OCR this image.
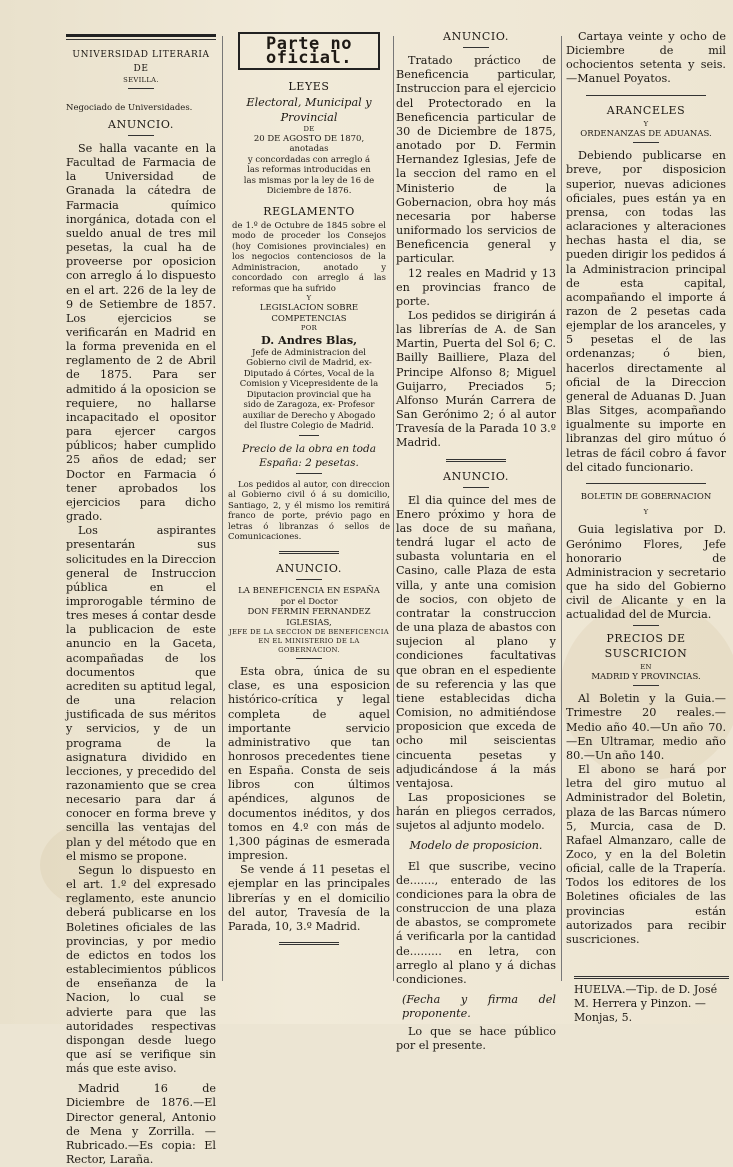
UNIVERSIDAD LITERARIA DE
SEVILLA.
Negociado de Universidades.
ANUNCIO.

Se halla vacante en la Facultad de Farmacia de la Universidad de Granada la cátedra de Farmacia químico inorgánica, dotada con el sueldo anual de tres mil pesetas, la cual ha de proveerse por oposicion con arreglo á lo dispuesto en el art. 226 de la ley de 9 de Setiembre de 1857. Los ejercicios se verificarán en Madrid en la forma prevenida en el reglamento de 2 de Abril de 1875. Para ser admitido á la oposicion se requiere, no hallarse incapacitado el opositor para ejercer cargos públicos; haber cumplido 25 años de edad; ser Doctor en Farmacia ó tener aprobados los ejercicios para dicho grado.

Los aspirantes presentarán sus solicitudes en la Direccion general de Instruccion pública en el improrogable término de tres meses á contar desde la publicacion de este anuncio en la Gaceta, acompañadas de los documentos que acrediten su aptitud legal, de una relacion justificada de sus méritos y servicios, y de un programa de la asignatura dividido en lecciones, y precedido del razonamiento que se crea necesario para dar á conocer en forma breve y sencilla las ventajas del plan y del método que en el mismo se propone.

Segun lo dispuesto en el art. 1.º del expresado reglamento, este anuncio deberá publicarse en los Boletines oficiales de las provincias, y por medio de edictos en todos los establecimientos públicos de enseñanza de la Nacion, lo cual se advierte para que las autoridades respectivas dispongan desde luego que así se verifique sin más que este aviso.

Madrid 16 de Diciembre de 1876.—El Director general, Antonio de Mena y Zorrilla. —Rubricado.—Es copia: El Rector, Laraña.

Parte no oficial.
LEYES
Electoral, Municipal y Provincial
DE
20 DE AGOSTO DE 1870,
anotadas
y concordadas con arreglo á las reformas introducidas en las mismas por la ley de 16 de Diciembre de 1876.
REGLAMENTO
de 1.º de Octubre de 1845 sobre el modo de proceder los Consejos (hoy Comisiones provinciales) en los negocios contenciosos de la Administracion, anotado y concordado con arreglo á las reformas que ha sufrido
Y
LEGISLACION SOBRE COMPETENCIAS
POR
D. Andres Blas,
Jefe de Administracion del Gobierno civil de Madrid, ex-Diputado á Córtes, Vocal de la Comision y Vicepresidente de la Diputacion provincial que ha sido de Zaragoza, ex- Profesor auxiliar de Derecho y Abogado del Ilustre Colegio de Madrid.
Precio de la obra en toda España: 2 pesetas.

Los pedidos al autor, con direccion al Gobierno civil ó á su domicilio, Santiago, 2, y él mismo los remitirá franco de porte, prévio pago en letras ó libranzas ó sellos de Comunicaciones.

ANUNCIO.
LA BENEFICENCIA EN ESPAÑA
por el Doctor
DON FERMIN FERNANDEZ IGLESIAS,
JEFE DE LA SECCION DE BENEFICENCIA EN EL MINISTERIO DE LA GOBERNACION.

Esta obra, única de su clase, es una esposicion histórico-crítica y legal completa de aquel importante servicio administrativo que tan honrosos precedentes tiene en España. Consta de seis libros con últimos apéndices, algunos de documentos inéditos, y dos tomos en 4.º con más de 1,300 páginas de esmerada impresion.

Se vende á 11 pesetas el ejemplar en las principales librerías y en el domicilio del autor, Travesía de la Parada, 10, 3.º Madrid.

ANUNCIO.

Tratado práctico de Beneficencia particular, Instruccion para el ejercicio del Protectorado en la Beneficencia particular de 30 de Diciembre de 1875, anotado por D. Fermin Hernandez Iglesias, Jefe de la seccion del ramo en el Ministerio de la Gobernacion, obra hoy más necesaria por haberse uniformado los servicios de Beneficencia general y particular.

12 reales en Madrid y 13 en provincias franco de porte.

Los pedidos se dirigirán á las librerías de A. de San Martin, Puerta del Sol 6; C. Bailly Bailliere, Plaza del Principe Alfonso 8; Miguel Guijarro, Preciados 5; Alfonso Murán Carrera de San Gerónimo 2; ó al autor Travesía de la Parada 10 3.º Madrid.

ANUNCIO.

El dia quince del mes de Enero próximo y hora de las doce de su mañana, tendrá lugar el acto de subasta voluntaria en el Casino, calle Plaza de esta villa, y ante una comision de socios, con objeto de contratar la construccion de una plaza de abastos con sujecion al plano y condiciones facultativas que obran en el espediente de su referencia y las que tiene establecidas dicha Comision, no admitiéndose proposicion que exceda de ocho mil seiscientas cincuenta pesetas y adjudicándose á la más ventajosa.

Las proposiciones se harán en pliegos cerrados, sujetos al adjunto modelo.

Modelo de proposicion.

El que suscribe, vecino de......., enterado de las condiciones para la obra de construccion de una plaza de abastos, se compromete á verificarla por la cantidad de......... en letra, con arreglo al plano y á dichas condiciones.

(Fecha y firma del proponente.

Lo que se hace público por el presente.

Cartaya veinte y ocho de Diciembre de mil ochocientos setenta y seis.—Manuel Poyatos.

ARANCELES
Y
ORDENANZAS DE ADUANAS.

Debiendo publicarse en breve, por disposicion superior, nuevas adiciones oficiales, pues están ya en prensa, con todas las aclaraciones y alteraciones hechas hasta el dia, se pueden dirigir los pedidos á la Administracion principal de esta capital, acompañando el importe á razon de 2 pesetas cada ejemplar de los aranceles, y 5 pesetas el de las ordenanzas; ó bien, hacerlos directamente al oficial de la Direccion general de Aduanas D. Juan Blas Sitges, acompañando igualmente su importe en libranzas del giro mútuo ó letras de fácil cobro á favor del citado funcionario.

BOLETIN DE GOBERNACION
Y

Guia legislativa por D. Gerónimo Flores, Jefe honorario de Administracion y secretario que ha sido del Gobierno civil de Alicante y en la actualidad del de Murcia.

PRECIOS DE SUSCRICION
EN
MADRID Y PROVINCIAS.

Al Boletin y la Guia.—Trimestre 20 reales.—Medio año 40.—Un año 70.—En Ultramar, medio año 80.—Un año 140.

El abono se hará por letra del giro mutuo al Administrador del Boletin, plaza de las Barcas número 5, Murcia, casa de D. Rafael Almanzaro, calle de Zoco, y en la del Boletin oficial, calle de la Trapería. Todos los editores de los Boletines oficiales de las provincias están autorizados para recibir suscriciones.

HUELVA.—Tip. de D. José M. Herrera y Pinzon. —Monjas, 5.
